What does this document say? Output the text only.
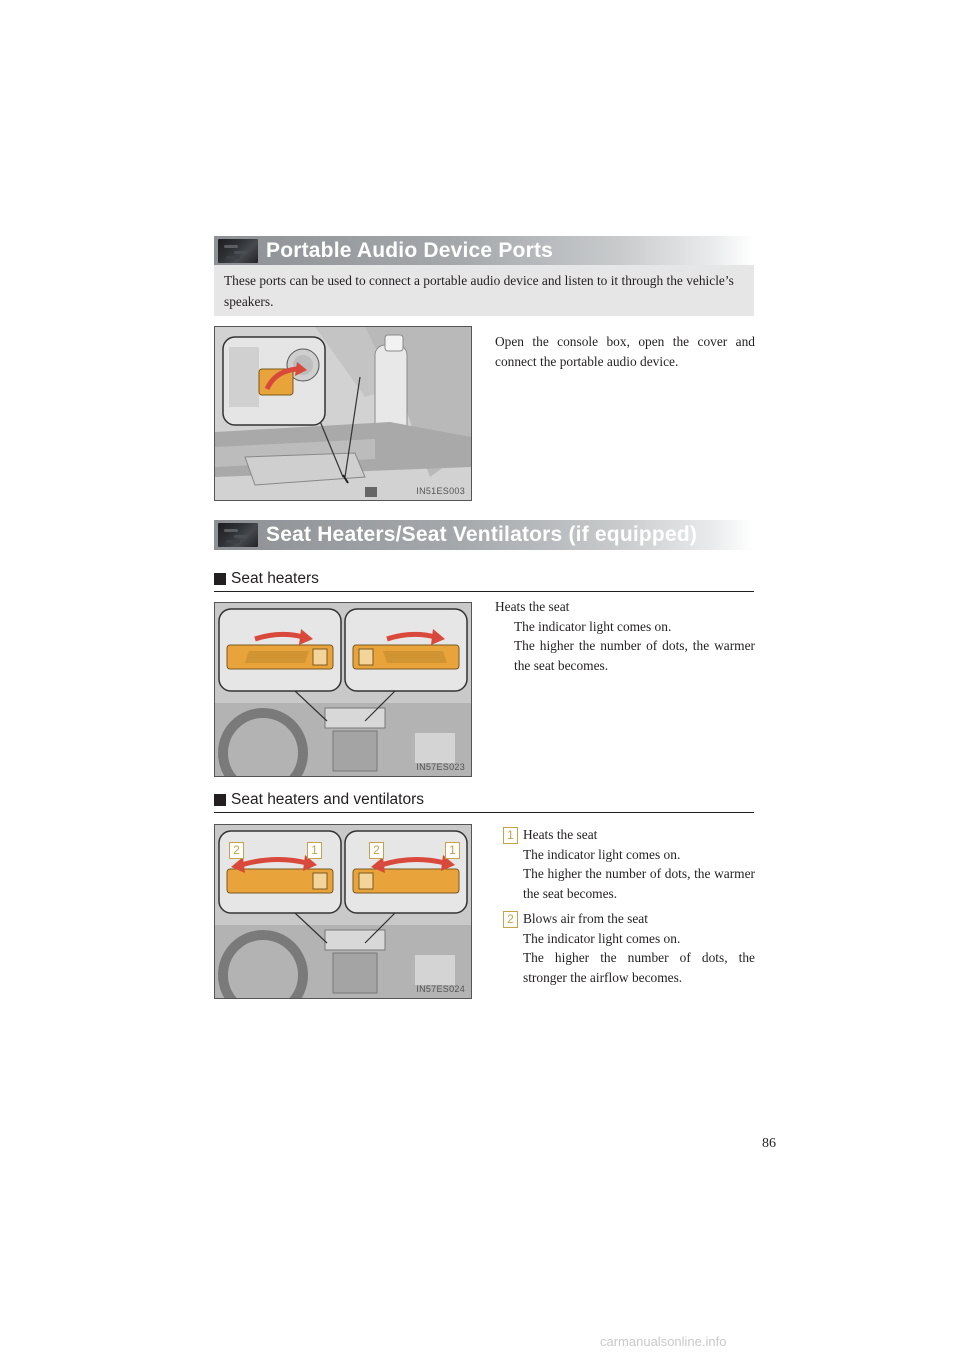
Portable Audio Device Ports
These ports can be used to connect a portable audio device and listen to it through the vehicle’s speakers.
IN51ES003
Open the console box, open the cover and connect the portable audio device.
Seat Heaters/Seat Ventilators (if equipped)
Seat heaters
IN57ES023
Heats the seat
The indicator light comes on.
The higher the number of dots, the warmer the seat becomes.
Seat heaters and ventilators
2	1	2	1
IN57ES024
1 Heats the seat
The indicator light comes on.
The higher the number of dots, the warmer the seat becomes.
2 Blows air from the seat
The indicator light comes on.
The higher the number of dots, the stronger the airflow becomes.
86
carmanualsonline.info
